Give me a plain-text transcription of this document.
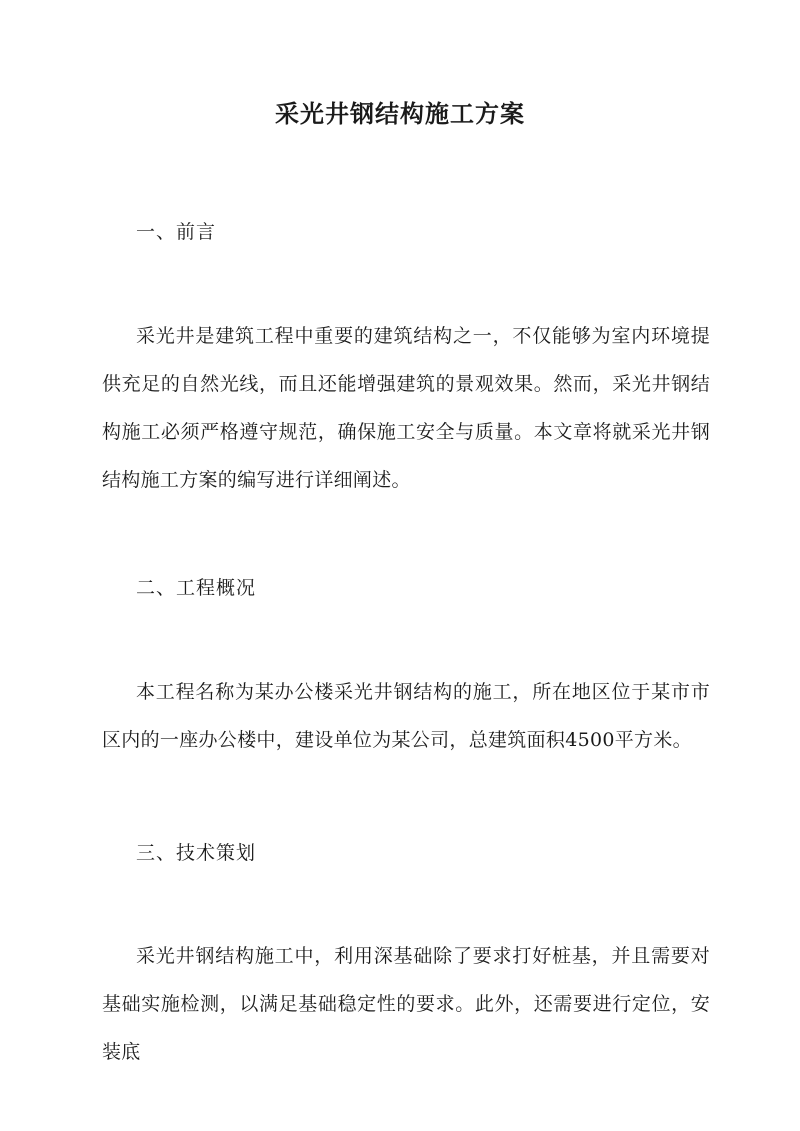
采光井钢结构施工方案
一、前言
采光井是建筑工程中重要的建筑结构之一，不仅能够为室内环境提供充足的自然光线，而且还能增强建筑的景观效果。然而，采光井钢结构施工必须严格遵守规范，确保施工安全与质量。本文章将就采光井钢结构施工方案的编写进行详细阐述。
二、工程概况
本工程名称为某办公楼采光井钢结构的施工，所在地区位于某市市区内的一座办公楼中，建设单位为某公司，总建筑面积4500平方米。
三、技术策划
采光井钢结构施工中，利用深基础除了要求打好桩基，并且需要对基础实施检测，以满足基础稳定性的要求。此外，还需要进行定位，安装底
